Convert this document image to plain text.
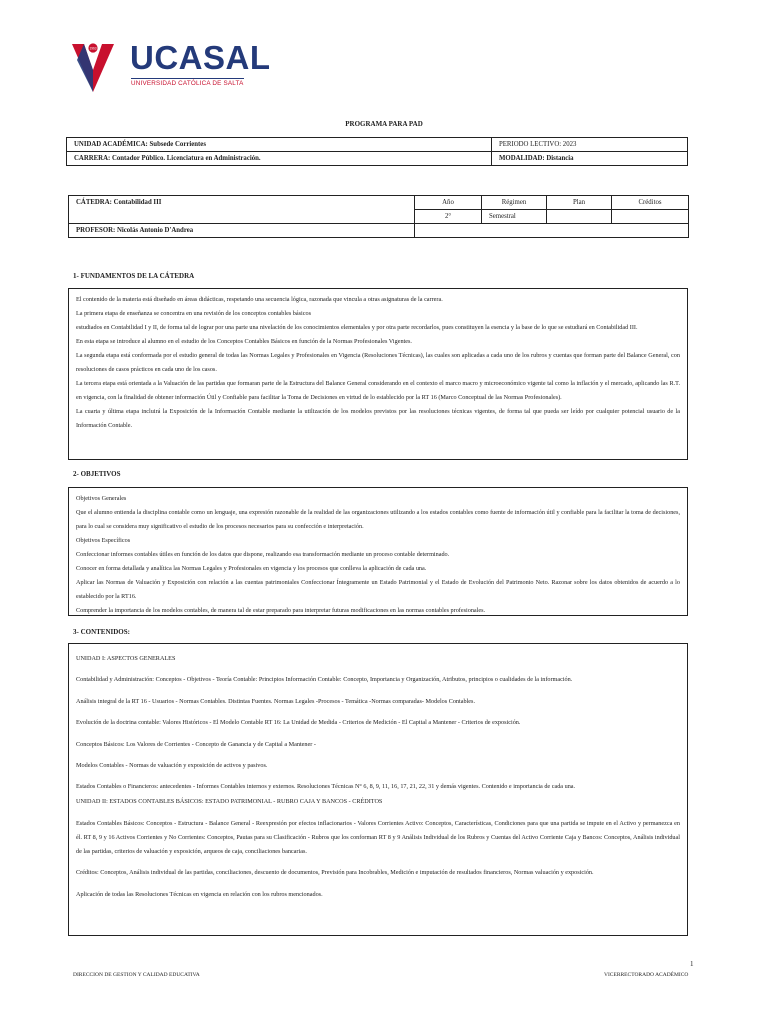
1963 UCASAL
UNIVERSIDAD CATÓLICA DE SALTA
PROGRAMA PARA PAD
UNIDAD ACADÉMICA: Subsede Corrientes	PERIODO LECTIVO: 2023
CARRERA: Contador Público. Licenciatura en Administración.	MODALIDAD: Distancia
CÁTEDRA: Contabilidad III	Año	Régimen	Plan	Créditos
	2°	Semestral		
PROFESOR: Nicolás Antonio D'Andrea				
1- FUNDAMENTOS DE LA CÁTEDRA

El contenido de la materia está diseñado en áreas didácticas, respetando una secuencia lógica, razonada que vincula a otras asignaturas de la carrera.

La primera etapa de enseñanza se concentra en una revisión de los conceptos contables básicos

estudiados en Contabilidad I y II, de forma tal de lograr por una parte una nivelación de los conocimientos elementales y por otra parte recordarlos, pues constituyen la esencia y la base de lo que se estudiará en Contabilidad III.

En esta etapa se introduce al alumno en el estudio de los Conceptos Contables Básicos en función de la Normas Profesionales Vigentes.

La segunda etapa está conformada por el estudio general de todas las Normas Legales y Profesionales en Vigencia (Resoluciones Técnicas), las cuales son aplicadas a cada uno de los rubros y cuentas que forman parte del Balance General, con resoluciones de casos prácticos en cada uno de los casos.

La tercera etapa está orientada a la Valuación de las partidas que formaran parte de la Estructura del Balance General considerando en el contexto el marco macro y microeconómico vigente tal como la inflación y el mercado, aplicando las R.T. en vigencia, con la finalidad de obtener información Útil y Confiable para facilitar la Toma de Decisiones en virtud de lo establecido por la RT 16 (Marco Conceptual de las Normas Profesionales).

La cuarta y última etapa incluirá la Exposición de la Información Contable mediante la utilización de los modelos previstos por las resoluciones técnicas vigentes, de forma tal que pueda ser leído por cualquier potencial usuario de la Información Contable.

2- OBJETIVOS

Objetivos Generales

Que el alumno entienda la disciplina contable como un lenguaje, una expresión razonable de la realidad de las organizaciones utilizando a los estados contables como fuente de información útil y confiable para la facilitar la toma de decisiones, para lo cual se considera muy significativo el estudio de los procesos necesarios para su confección e interpretación.

Objetivos Específicos

Confeccionar informes contables útiles en función de los datos que dispone, realizando esa transformación mediante un proceso contable determinado.

Conocer en forma detallada y analítica las Normas Legales y Profesionales en vigencia y los procesos que conlleva la aplicación de cada una.

Aplicar las Normas de Valuación y Exposición con relación a las cuentas patrimoniales Confeccionar Íntegramente un Estado Patrimonial y el Estado de Evolución del Patrimonio Neto. Razonar sobre los datos obtenidos de acuerdo a lo establecido por la RT16.

Comprender la importancia de los modelos contables, de manera tal de estar preparado para interpretar futuras modificaciones en las normas contables profesionales.

3- CONTENIDOS:

UNIDAD I: ASPECTOS GENERALES

Contabilidad y Administración: Conceptos - Objetivos - Teoría Contable: Principios Información Contable: Concepto, Importancia y Organización, Atributos, principios o cualidades de la información.

Análisis integral de la RT 16 - Usuarios - Normas Contables. Distintas Fuentes. Normas Legales -Procesos - Temática -Normas comparadas- Modelos Contables.

Evolución de la doctrina contable: Valores Históricos - El Modelo Contable RT 16: La Unidad de Medida - Criterios de Medición - El Capital a Mantener - Criterios de exposición.

Conceptos Básicos: Los Valores de Corrientes - Concepto de Ganancia y de Capital a Mantener -

Modelos Contables - Normas de valuación y exposición de activos y pasivos.

Estados Contables o Financieros: antecedentes - Informes Contables internos y externos. Resoluciones Técnicas N° 6, 8, 9, 11, 16, 17, 21, 22, 31 y demás vigentes. Contenido e importancia de cada una.

UNIDAD II: ESTADOS CONTABLES BÁSICOS: ESTADO PATRIMONIAL - RUBRO CAJA Y BANCOS - CRÉDITOS

Estados Contables Básicos: Conceptos - Estructura - Balance General - Reexpresión por efectos inflacionarios - Valores Corrientes Activo: Conceptos, Características, Condiciones para que una partida se impute en el Activo y permanezca en él. RT 8, 9 y 16 Activos Corrientes y No Corrientes: Conceptos, Pautas para su Clasificación - Rubros que los conforman RT 8 y 9 Análisis Individual de los Rubros y Cuentas del Activo Corriente Caja y Bancos: Conceptos, Análisis individual de las partidas, criterios de valuación y exposición, arqueos de caja, conciliaciones bancarias.

Créditos: Conceptos, Análisis individual de las partidas, conciliaciones, descuento de documentos, Previsión para Incobrables, Medición e imputación de resultados financieros, Normas valuación y exposición.

Aplicación de todas las Resoluciones Técnicas en vigencia en relación con los rubros mencionados.

1
DIRECCION DE GESTION Y CALIDAD EDUCATIVA	VICERRECTORADO ACADÉMICO
